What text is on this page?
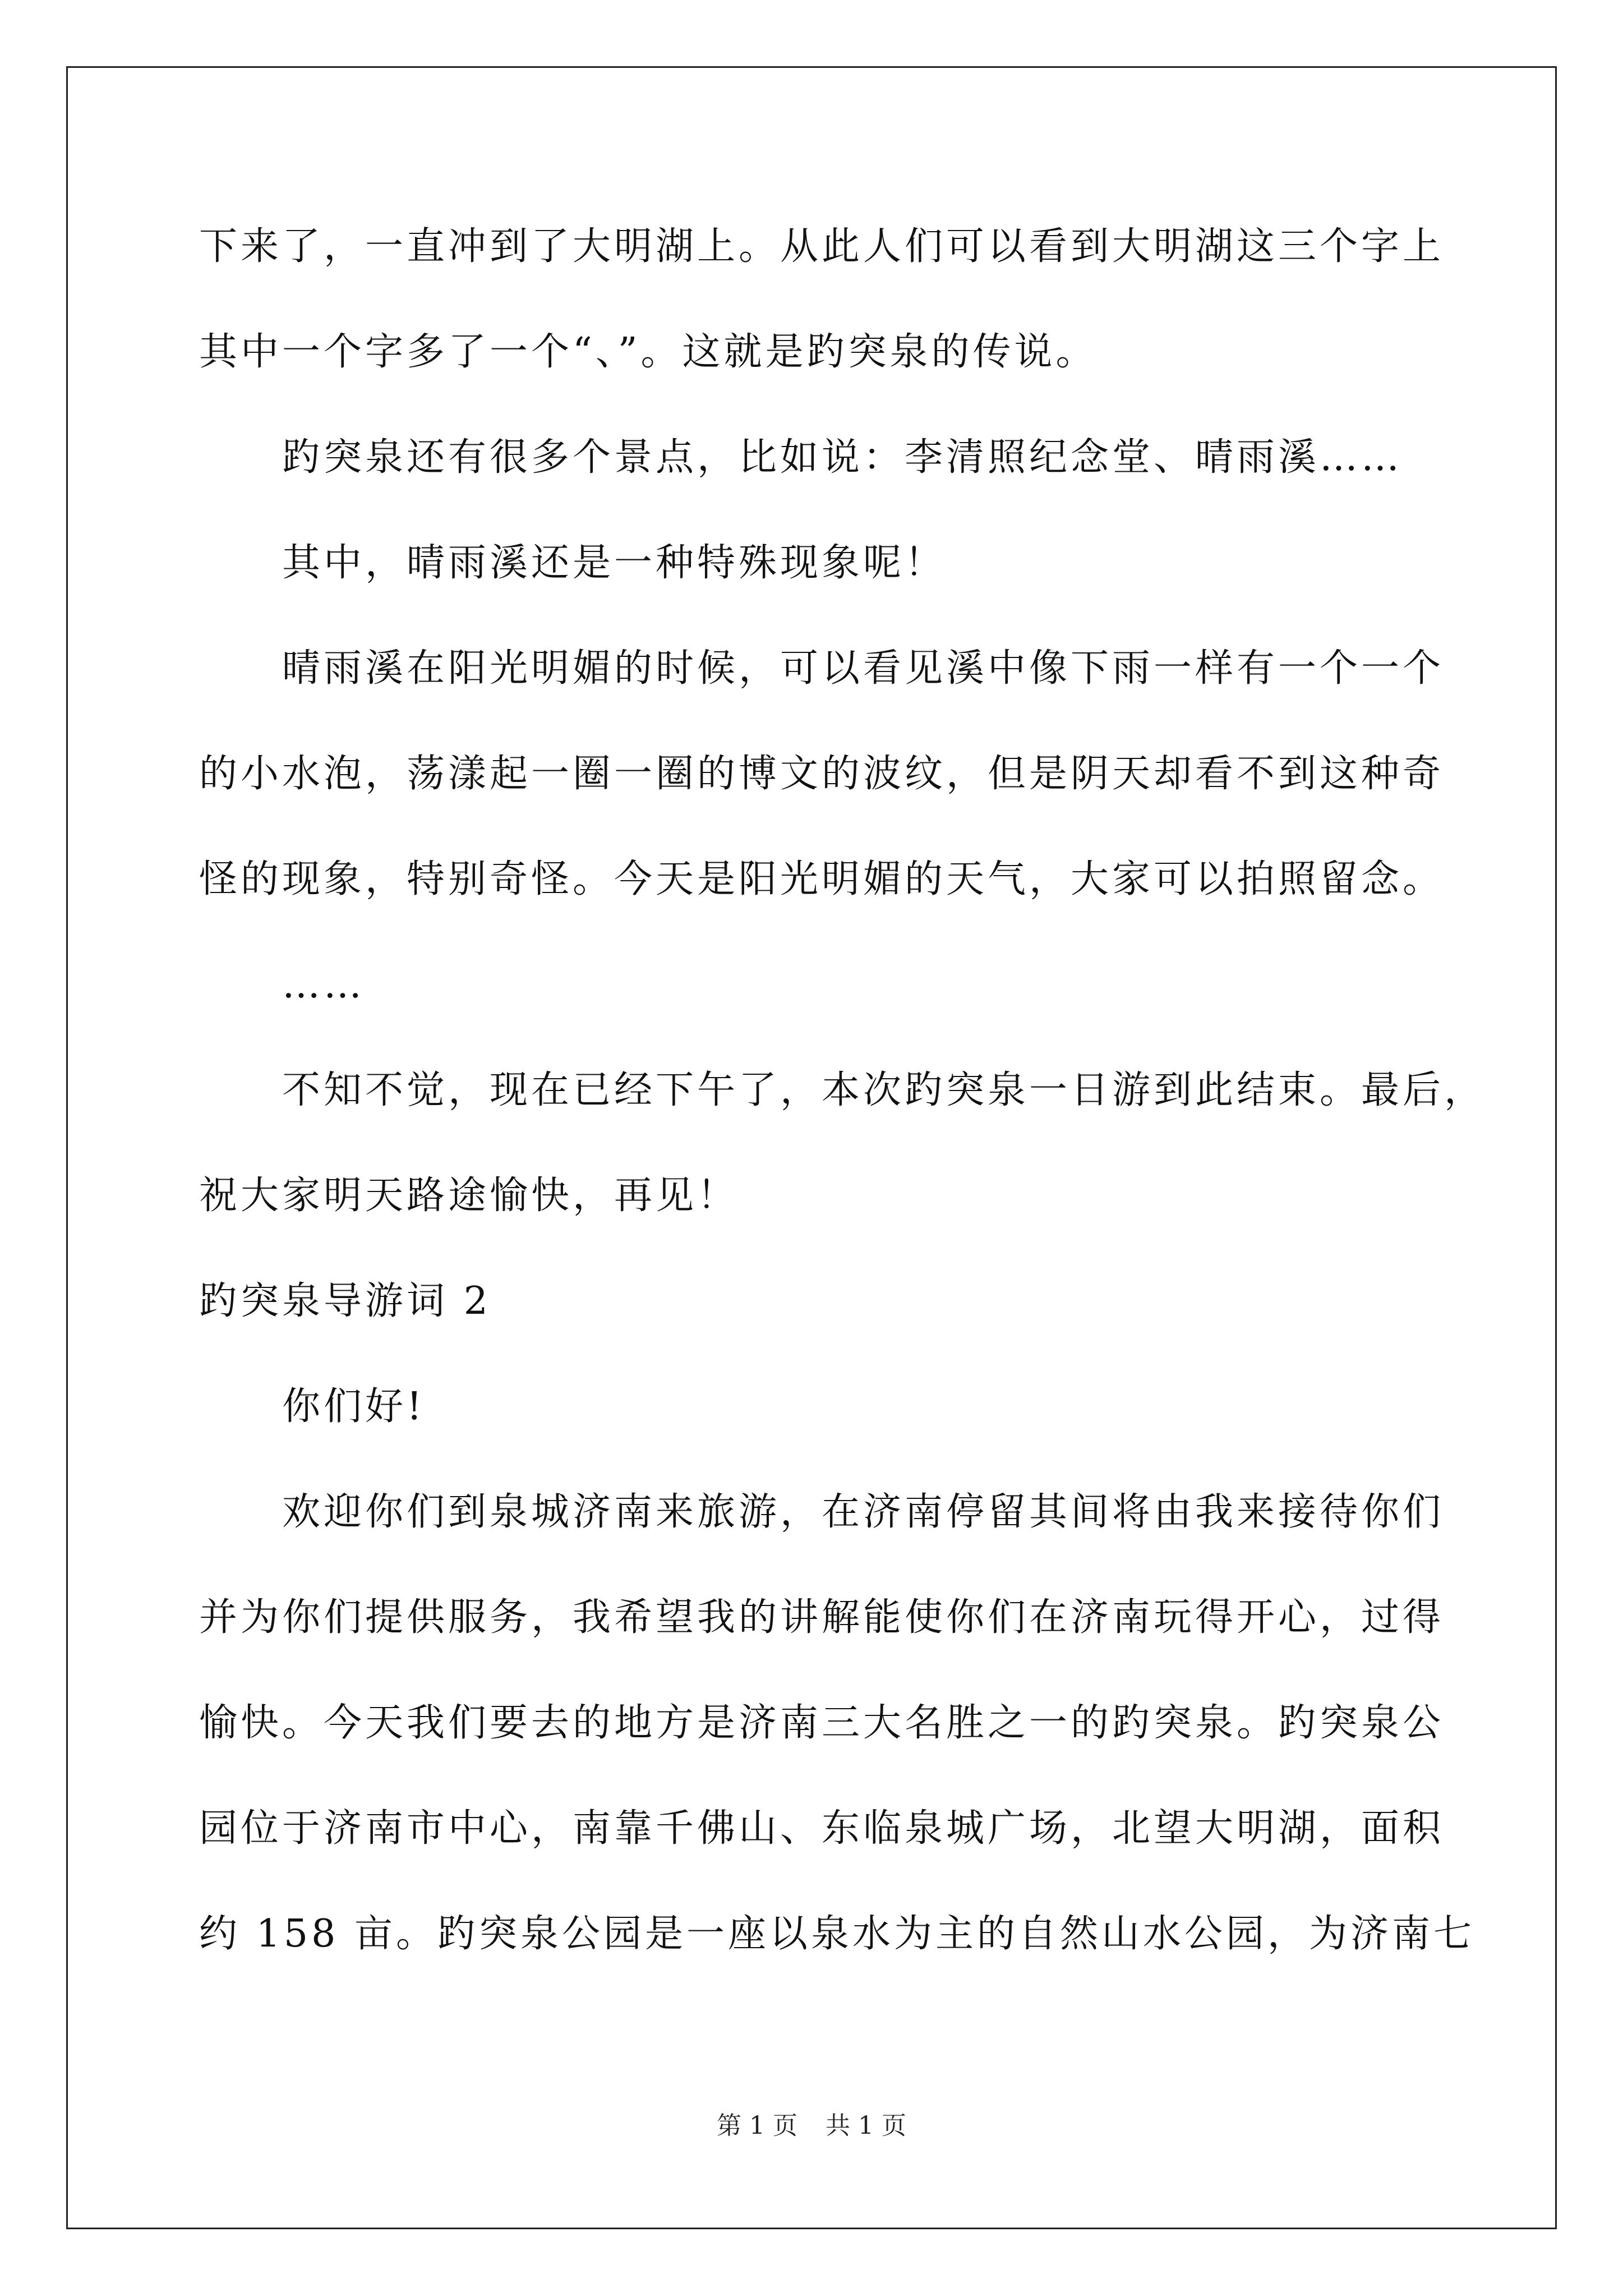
下来了，一直冲到了大明湖上。从此人们可以看到大明湖这三个字上
其中一个字多了一个“、”。这就是趵突泉的传说。
趵突泉还有很多个景点，比如说：李清照纪念堂、晴雨溪……
其中，晴雨溪还是一种特殊现象呢！
晴雨溪在阳光明媚的时候，可以看见溪中像下雨一样有一个一个
的小水泡，荡漾起一圈一圈的博文的波纹，但是阴天却看不到这种奇
怪的现象，特别奇怪。今天是阳光明媚的天气，大家可以拍照留念。
……
不知不觉，现在已经下午了，本次趵突泉一日游到此结束。最后，
祝大家明天路途愉快，再见！
趵突泉导游词 2
你们好!
欢迎你们到泉城济南来旅游，在济南停留其间将由我来接待你们
并为你们提供服务，我希望我的讲解能使你们在济南玩得开心，过得
愉快。今天我们要去的地方是济南三大名胜之一的趵突泉。趵突泉公
园位于济南市中心，南靠千佛山、东临泉城广场，北望大明湖，面积
约 158 亩。趵突泉公园是一座以泉水为主的自然山水公园，为济南七
第 1 页 共 1 页
